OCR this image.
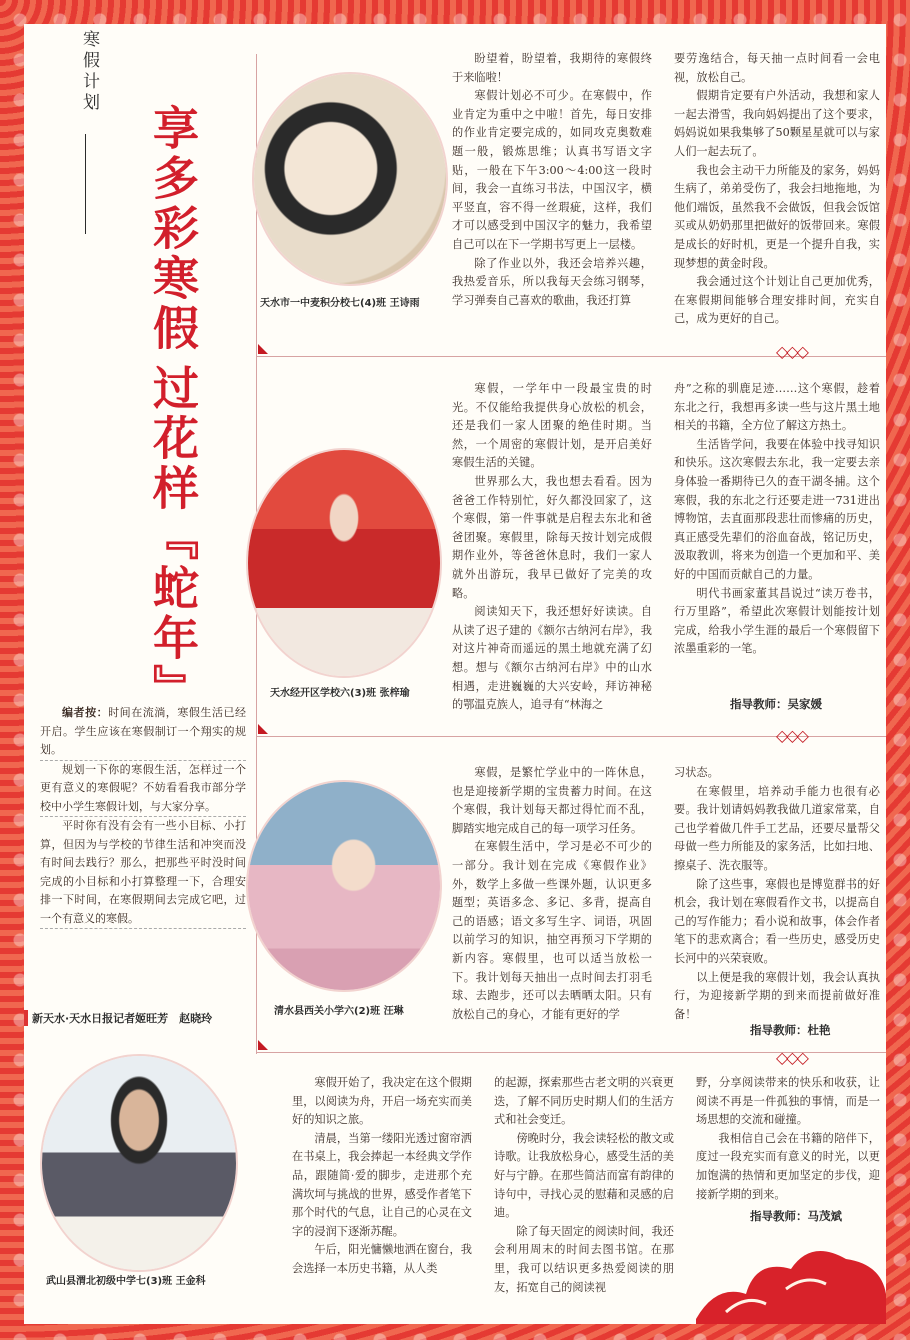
寒假计划
享多彩寒假
过花样『蛇年』

编者按：时间在流淌，寒假生活已经开启。学生应该在寒假制订一个翔实的规划。

规划一下你的寒假生活，怎样过一个更有意义的寒假呢？不妨看看我市部分学校中小学生寒假计划，与大家分享。

平时你有没有会有一些小目标、小打算，但因为与学校的节律生活和冲突而没有时间去践行？那么，把那些平时没时间完成的小目标和小打算整理一下，合理安排一下时间，在寒假期间去完成它吧，过一个有意义的寒假。

新天水·天水日报记者姬旺芳　赵晓玲
◇◇◇
◇◇◇
◇◇◇
天水市一中麦积分校七(4)班 王诗雨

盼望着，盼望着，我期待的寒假终于来临啦！

寒假计划必不可少。在寒假中，作业肯定为重中之中啦！首先，每日安排的作业肯定要完成的，如同攻克奥数难题一般，锻炼思维；认真书写语文字贴，一般在下午3:00～4:00这一段时间，我会一直练习书法，中国汉字，横平竖直，容不得一丝瑕疵，这样，我们才可以感受到中国汉字的魅力，我希望自己可以在下一学期书写更上一层楼。

除了作业以外，我还会培养兴趣，我热爱音乐，所以我每天会练习钢琴，学习弹奏自己喜欢的歌曲，我还打算

要劳逸结合，每天抽一点时间看一会电视，放松自己。

假期肯定要有户外活动，我想和家人一起去滑雪，我向妈妈提出了这个要求，妈妈说如果我集够了50颗星星就可以与家人们一起去玩了。

我也会主动干力所能及的家务，妈妈生病了，弟弟受伤了，我会扫地拖地，为他们端饭，虽然我不会做饭，但我会饭馆买或从奶奶那里把做好的饭带回来。寒假是成长的好时机，更是一个提升自我，实现梦想的黄金时段。

我会通过这个计划让自己更加优秀，在寒假期间能够合理安排时间，充实自己，成为更好的自己。

天水经开区学校六(3)班 张梓瑜

寒假，一学年中一段最宝贵的时光。不仅能给我提供身心放松的机会，还是我们一家人团聚的绝佳时期。当然，一个周密的寒假计划，是开启美好寒假生活的关键。

世界那么大，我也想去看看。因为爸爸工作特别忙，好久都没回家了，这个寒假，第一件事就是启程去东北和爸爸团聚。寒假里，除每天按计划完成假期作业外，等爸爸休息时，我们一家人就外出游玩，我早已做好了完美的攻略。

阅读知天下，我还想好好读读。自从读了迟子建的《额尔古纳河右岸》，我对这片神奇而遥远的黑土地就充满了幻想。想与《额尔古纳河右岸》中的山水相遇，走进巍巍的大兴安岭，拜访神秘的鄂温克族人，追寻有“林海之

舟”之称的驯鹿足迹……这个寒假，趁着东北之行，我想再多读一些与这片黑土地相关的书籍，全方位了解这方热土。

生活皆学问，我要在体验中找寻知识和快乐。这次寒假去东北，我一定要去亲身体验一番期待已久的查干湖冬捕。这个寒假，我的东北之行还要走进一731进出博物馆，去直面那段悲壮而惨痛的历史，真正感受先辈们的浴血奋战，铭记历史，汲取教训，将来为创造一个更加和平、美好的中国而贡献自己的力量。

明代书画家董其昌说过“读万卷书，行万里路”，希望此次寒假计划能按计划完成，给我小学生涯的最后一个寒假留下浓墨重彩的一笔。

指导教师：吴家媛
清水县西关小学六(2)班 汪琳

寒假，是繁忙学业中的一阵休息，也是迎接新学期的宝贵蓄力时间。在这个寒假，我计划每天都过得忙而不乱，脚踏实地完成自己的每一项学习任务。

在寒假生活中，学习是必不可少的一部分。我计划在完成《寒假作业》外，数学上多做一些课外题，认识更多题型；英语多念、多记、多背，提高自己的语感；语文多写生字、词语，巩固以前学习的知识，抽空再预习下学期的新内容。寒假里，也可以适当放松一下。我计划每天抽出一点时间去打羽毛球、去跑步，还可以去晒晒太阳。只有放松自己的身心，才能有更好的学

习状态。

在寒假里，培养动手能力也很有必要。我计划请妈妈教我做几道家常菜，自己也学着做几件手工艺品，还要尽量帮父母做一些力所能及的家务活，比如扫地、擦桌子、洗衣服等。

除了这些事，寒假也是博览群书的好机会，我计划在寒假看作文书，以提高自己的写作能力；看小说和故事，体会作者笔下的悲欢离合；看一些历史，感受历史长河中的兴荣衰败。

以上便是我的寒假计划，我会认真执行，为迎接新学期的到来而提前做好准备！

指导教师：杜艳
武山县渭北初级中学七(3)班 王金科

寒假开始了，我决定在这个假期里，以阅读为舟，开启一场充实而美好的知识之旅。

清晨，当第一缕阳光透过窗帘洒在书桌上，我会捧起一本经典文学作品，跟随简·爱的脚步，走进那个充满坎坷与挑战的世界，感受作者笔下那个时代的气息，让自己的心灵在文字的浸润下逐渐苏醒。

午后，阳光慵懒地洒在窗台，我会选择一本历史书籍，从人类

的起源，探索那些古老文明的兴衰更迭，了解不同历史时期人们的生活方式和社会变迁。

傍晚时分，我会读轻松的散文或诗歌。让我放松身心，感受生活的美好与宁静。在那些简洁而富有韵律的诗句中，寻找心灵的慰藉和灵感的启迪。

除了每天固定的阅读时间，我还会利用周末的时间去图书馆。在那里，我可以结识更多热爱阅读的朋友，拓宽自己的阅读视

野，分享阅读带来的快乐和收获，让阅读不再是一件孤独的事情，而是一场思想的交流和碰撞。

我相信自己会在书籍的陪伴下，度过一段充实而有意义的时光，以更加饱满的热情和更加坚定的步伐，迎接新学期的到来。

指导教师：马茂斌
